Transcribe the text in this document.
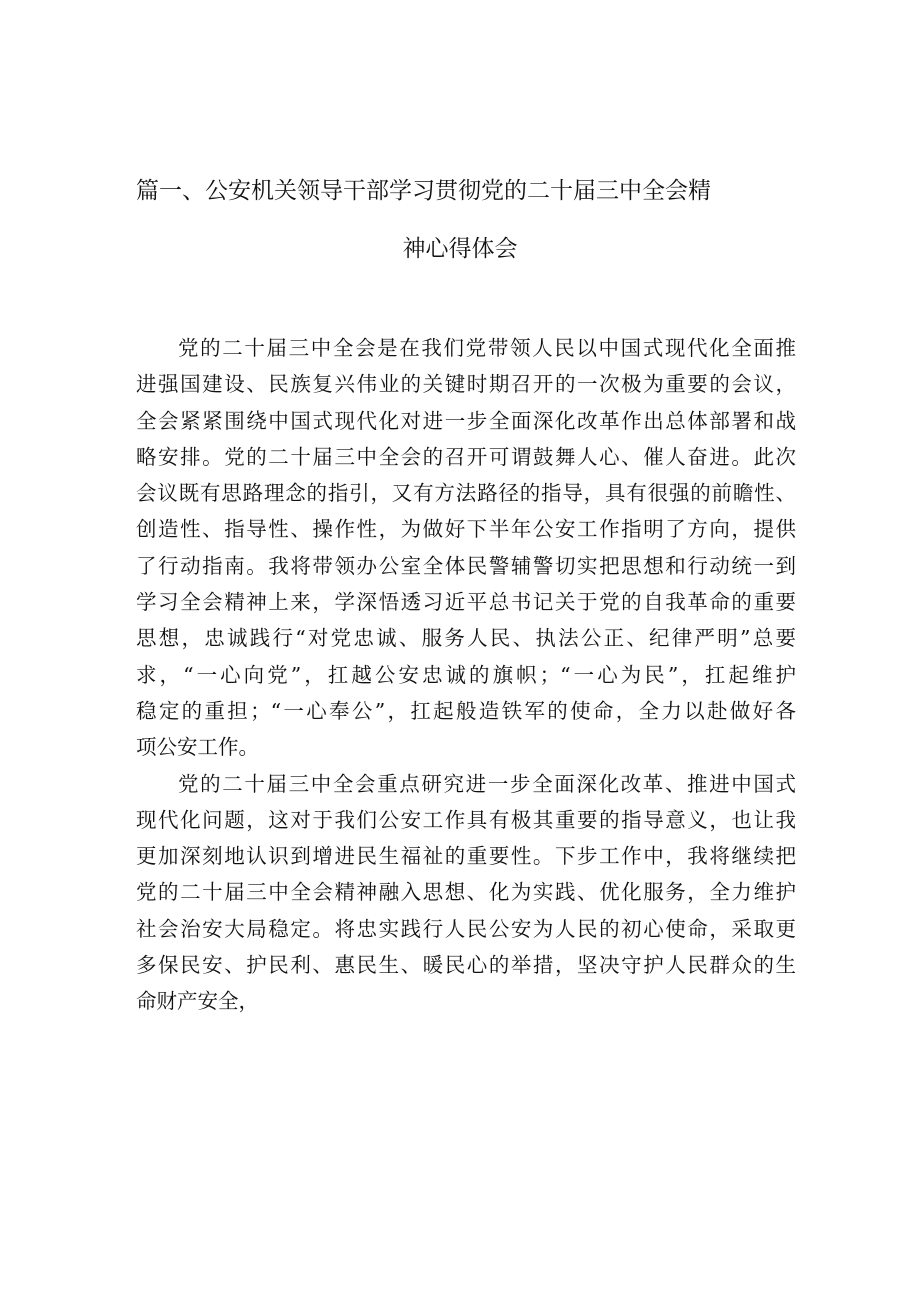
篇一、公安机关领导干部学习贯彻党的二十届三中全会精
神心得体会

党的二十届三中全会是在我们党带领人民以中国式现代化全面推
进强国建设、民族复兴伟业的关键时期召开的一次极为重要的会议，
全会紧紧围绕中国式现代化对进一步全面深化改革作出总体部署和战
略安排。党的二十届三中全会的召开可谓鼓舞人心、催人奋进。此次
会议既有思路理念的指引，又有方法路径的指导，具有很强的前瞻性、
创造性、指导性、操作性，为做好下半年公安工作指明了方向，提供
了行动指南。我将带领办公室全体民警辅警切实把思想和行动统一到
学习全会精神上来，学深悟透习近平总书记关于党的自我革命的重要
思想，忠诚践行“对党忠诚、服务人民、执法公正、纪律严明”总要
求，“一心向党”，扛越公安忠诚的旗帜；“一心为民”，扛起维护
稳定的重担；“一心奉公”，扛起般造铁军的使命，全力以赴做好各
项公安工作。

党的二十届三中全会重点研究进一步全面深化改革、推进中国式
现代化问题，这对于我们公安工作具有极其重要的指导意义，也让我
更加深刻地认识到增进民生福祉的重要性。下步工作中，我将继续把
党的二十届三中全会精神融入思想、化为实践、优化服务，全力维护
社会治安大局稳定。将忠实践行人民公安为人民的初心使命，采取更
多保民安、护民利、惠民生、暖民心的举措，坚决守护人民群众的生
命财产安全，
